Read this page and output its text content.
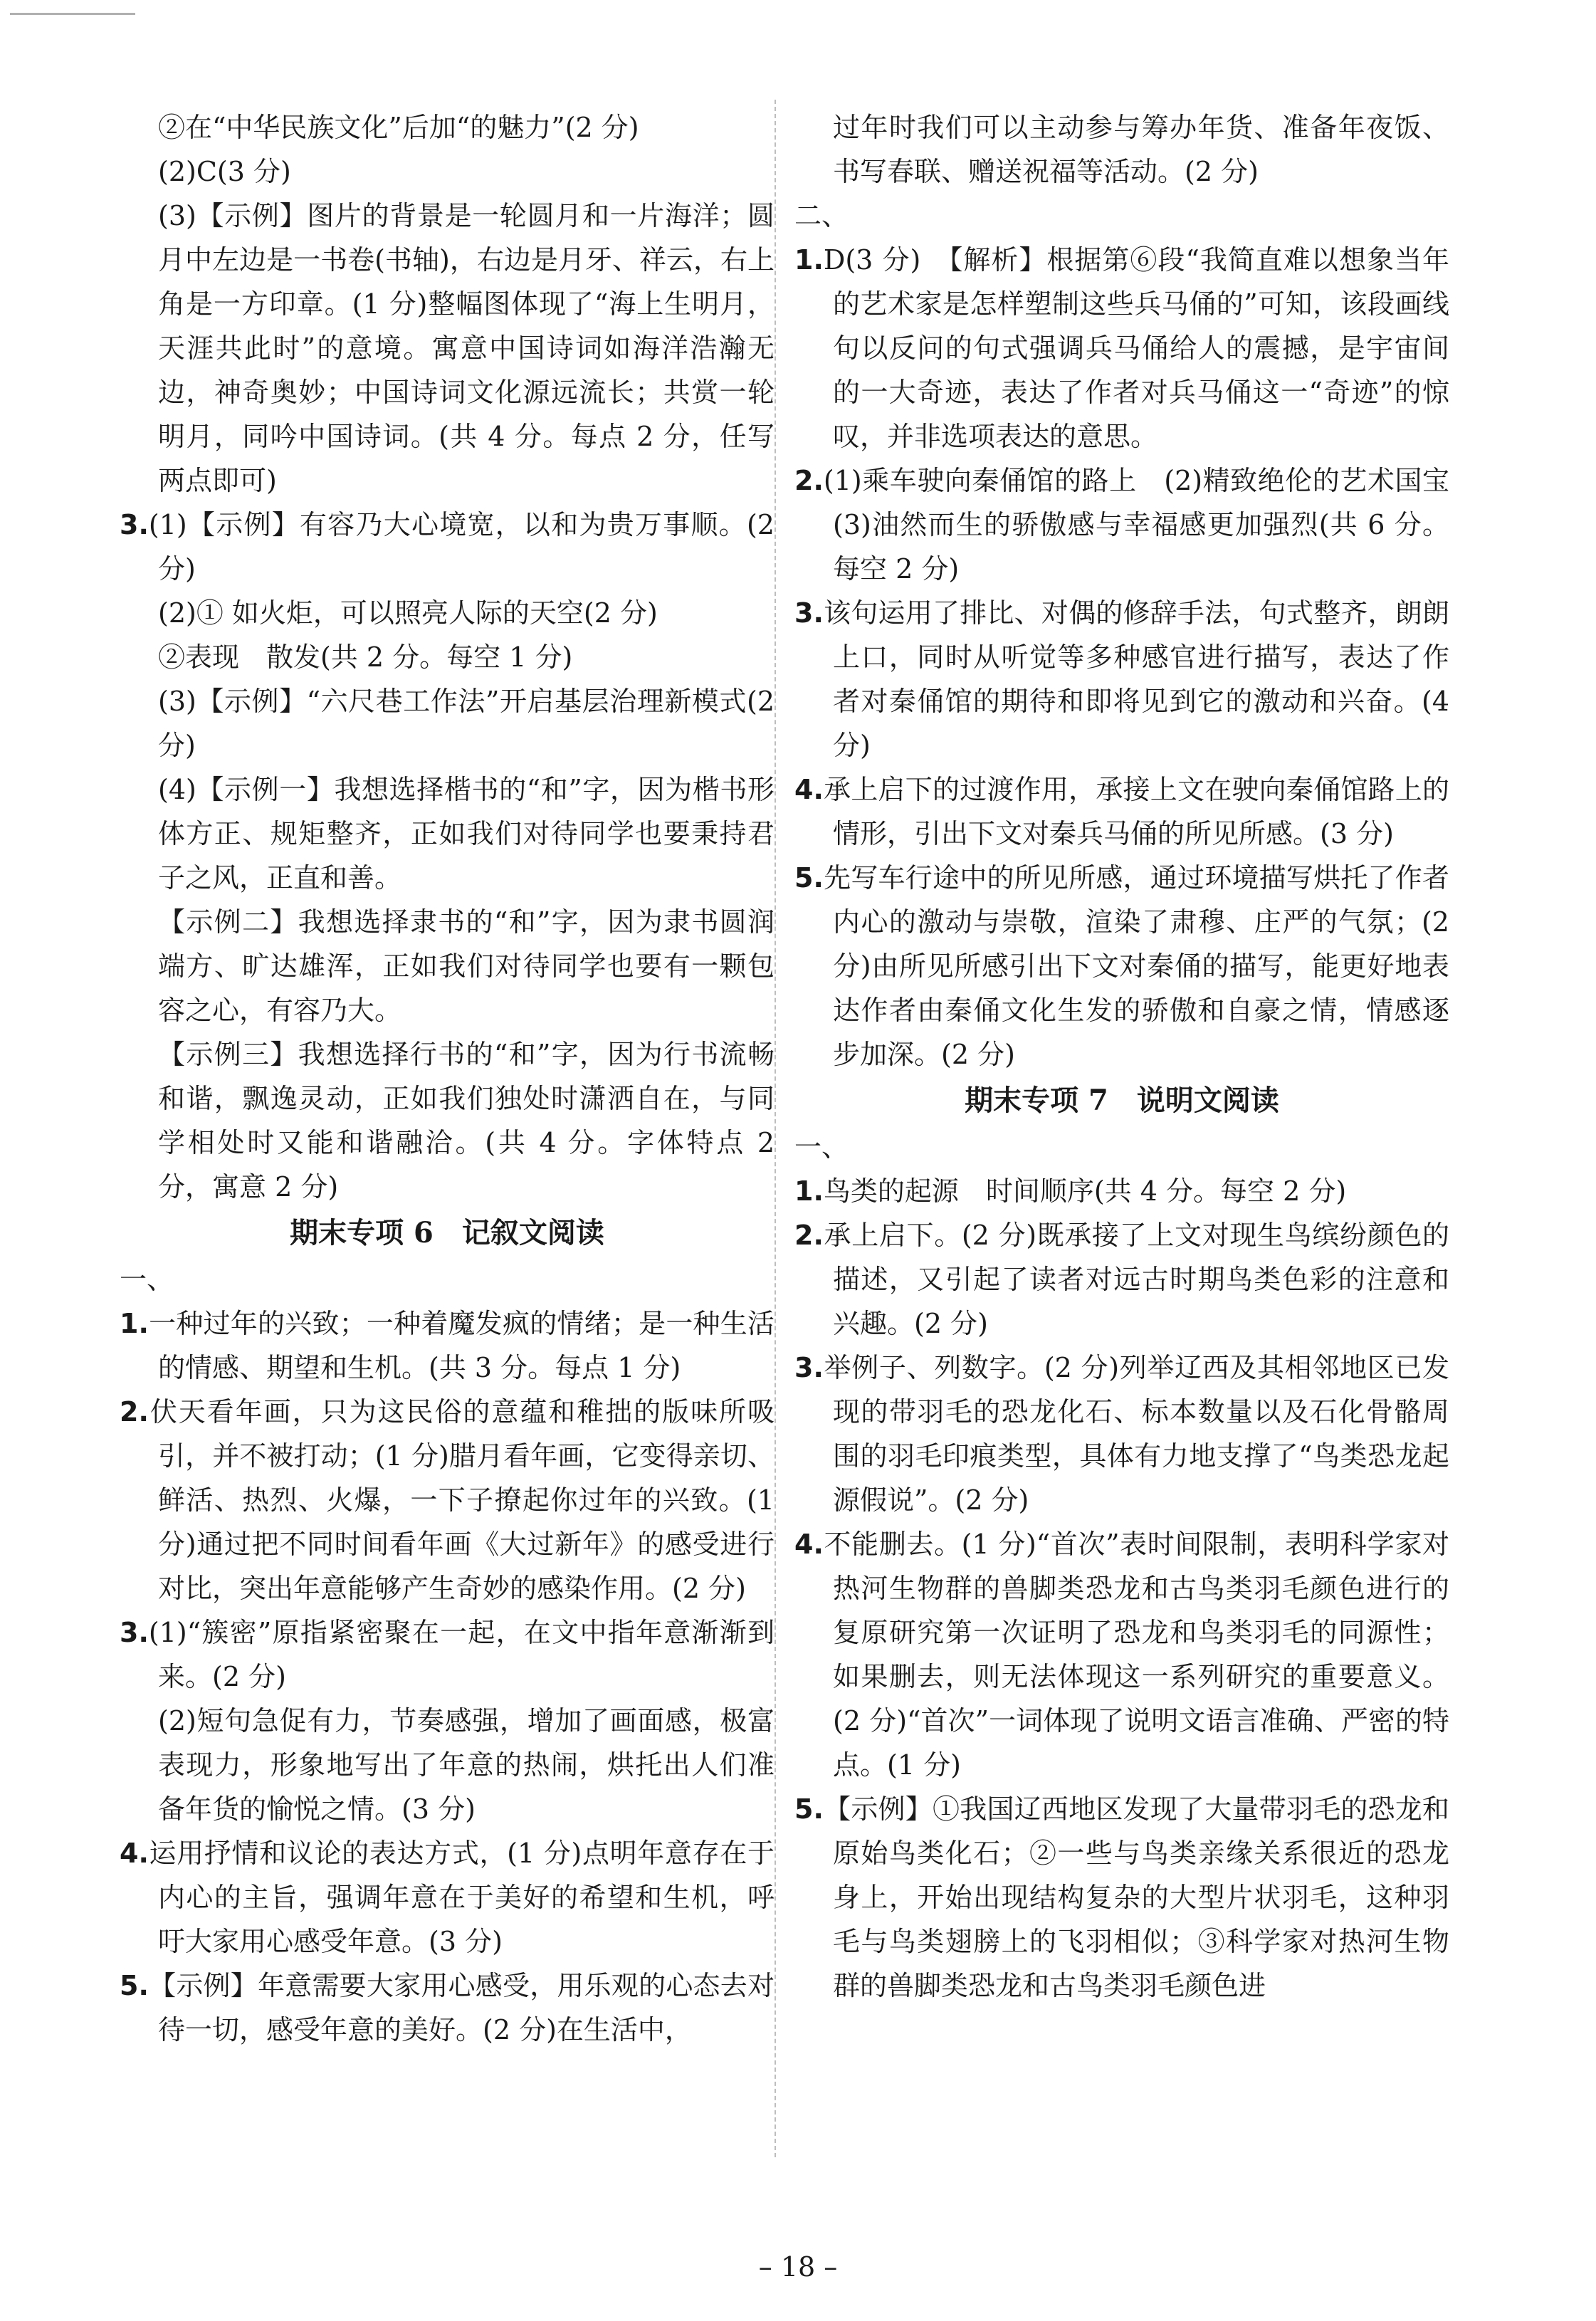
②在“中华民族文化”后加“的魅力”(2 分)
(2)C(3 分)
(3)【示例】图片的背景是一轮圆月和一片海洋；圆月中左边是一书卷(书轴)，右边是月牙、祥云，右上角是一方印章。(1 分)整幅图体现了“海上生明月，天涯共此时”的意境。寓意中国诗词如海洋浩瀚无边，神奇奥妙；中国诗词文化源远流长；共赏一轮明月，同吟中国诗词。(共 4 分。每点 2 分，任写两点即可)
3.(1)【示例】有容乃大心境宽，以和为贵万事顺。(2 分)
(2)① 如火炬，可以照亮人际的天空(2 分)
②表现　散发(共 2 分。每空 1 分)
(3)【示例】“六尺巷工作法”开启基层治理新模式(2 分)
(4)【示例一】我想选择楷书的“和”字，因为楷书形体方正、规矩整齐，正如我们对待同学也要秉持君子之风，正直和善。
【示例二】我想选择隶书的“和”字，因为隶书圆润端方、旷达雄浑，正如我们对待同学也要有一颗包容之心，有容乃大。
【示例三】我想选择行书的“和”字，因为行书流畅和谐，飘逸灵动，正如我们独处时潇洒自在，与同学相处时又能和谐融洽。(共 4 分。字体特点 2 分，寓意 2 分)
期末专项 6　记叙文阅读
一、
1.一种过年的兴致；一种着魔发疯的情绪；是一种生活的情感、期望和生机。(共 3 分。每点 1 分)
2.伏天看年画，只为这民俗的意蕴和稚拙的版味所吸引，并不被打动；(1 分)腊月看年画，它变得亲切、鲜活、热烈、火爆，一下子撩起你过年的兴致。(1 分)通过把不同时间看年画《大过新年》的感受进行对比，突出年意能够产生奇妙的感染作用。(2 分)
3.(1)“簇密”原指紧密聚在一起，在文中指年意渐渐到来。(2 分)
(2)短句急促有力，节奏感强，增加了画面感，极富表现力，形象地写出了年意的热闹，烘托出人们准备年货的愉悦之情。(3 分)
4.运用抒情和议论的表达方式，(1 分)点明年意存在于内心的主旨，强调年意在于美好的希望和生机，呼吁大家用心感受年意。(3 分)
5.【示例】年意需要大家用心感受，用乐观的心态去对待一切，感受年意的美好。(2 分)在生活中，
过年时我们可以主动参与筹办年货、准备年夜饭、书写春联、赠送祝福等活动。(2 分)
二、
1.D(3 分)　【解析】根据第⑥段“我简直难以想象当年的艺术家是怎样塑制这些兵马俑的”可知，该段画线句以反问的句式强调兵马俑给人的震撼，是宇宙间的一大奇迹，表达了作者对兵马俑这一“奇迹”的惊叹，并非选项表达的意思。
2.(1)乘车驶向秦俑馆的路上　(2)精致绝伦的艺术国宝　(3)油然而生的骄傲感与幸福感更加强烈(共 6 分。每空 2 分)
3.该句运用了排比、对偶的修辞手法，句式整齐，朗朗上口，同时从听觉等多种感官进行描写，表达了作者对秦俑馆的期待和即将见到它的激动和兴奋。(4 分)
4.承上启下的过渡作用，承接上文在驶向秦俑馆路上的情形，引出下文对秦兵马俑的所见所感。(3 分)
5.先写车行途中的所见所感，通过环境描写烘托了作者内心的激动与崇敬，渲染了肃穆、庄严的气氛；(2 分)由所见所感引出下文对秦俑的描写，能更好地表达作者由秦俑文化生发的骄傲和自豪之情，情感逐步加深。(2 分)
期末专项 7　说明文阅读
一、
1.鸟类的起源　时间顺序(共 4 分。每空 2 分)
2.承上启下。(2 分)既承接了上文对现生鸟缤纷颜色的描述，又引起了读者对远古时期鸟类色彩的注意和兴趣。(2 分)
3.举例子、列数字。(2 分)列举辽西及其相邻地区已发现的带羽毛的恐龙化石、标本数量以及石化骨骼周围的羽毛印痕类型，具体有力地支撑了“鸟类恐龙起源假说”。(2 分)
4.不能删去。(1 分)“首次”表时间限制，表明科学家对热河生物群的兽脚类恐龙和古鸟类羽毛颜色进行的复原研究第一次证明了恐龙和鸟类羽毛的同源性；如果删去，则无法体现这一系列研究的重要意义。(2 分)“首次”一词体现了说明文语言准确、严密的特点。(1 分)
5.【示例】①我国辽西地区发现了大量带羽毛的恐龙和原始鸟类化石；②一些与鸟类亲缘关系很近的恐龙身上，开始出现结构复杂的大型片状羽毛，这种羽毛与鸟类翅膀上的飞羽相似；③科学家对热河生物群的兽脚类恐龙和古鸟类羽毛颜色进
– 18 –
